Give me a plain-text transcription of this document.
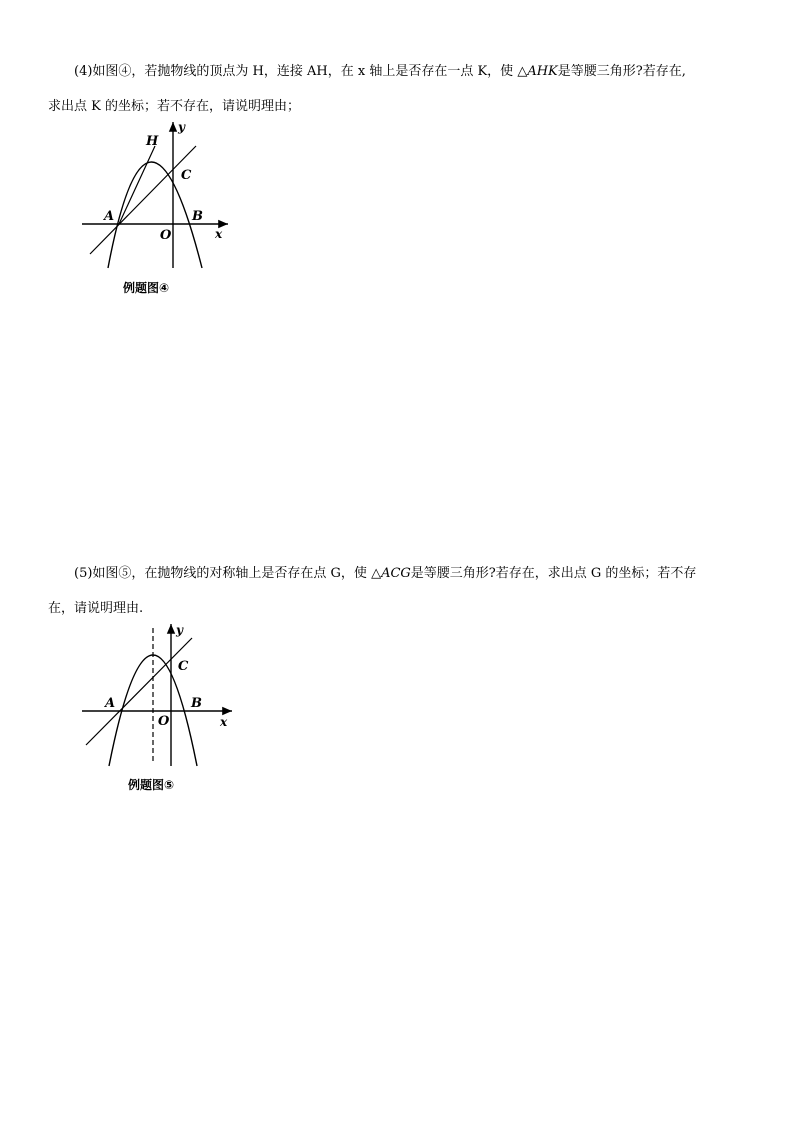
(4)如图④，若抛物线的顶点为 H，连接 AH，在 x 轴上是否存在一点 K，使 △AHK是等腰三角形?若存在,
求出点 K 的坐标；若不存在，请说明理由；
H
C
A	B
O	x
y
例题图④
(5)如图⑤，在抛物线的对称轴上是否存在点 G，使 △ACG是等腰三角形?若存在，求出点 G 的坐标；若不存
在，请说明理由.
C
A	B
O	x
y
例题图⑤
